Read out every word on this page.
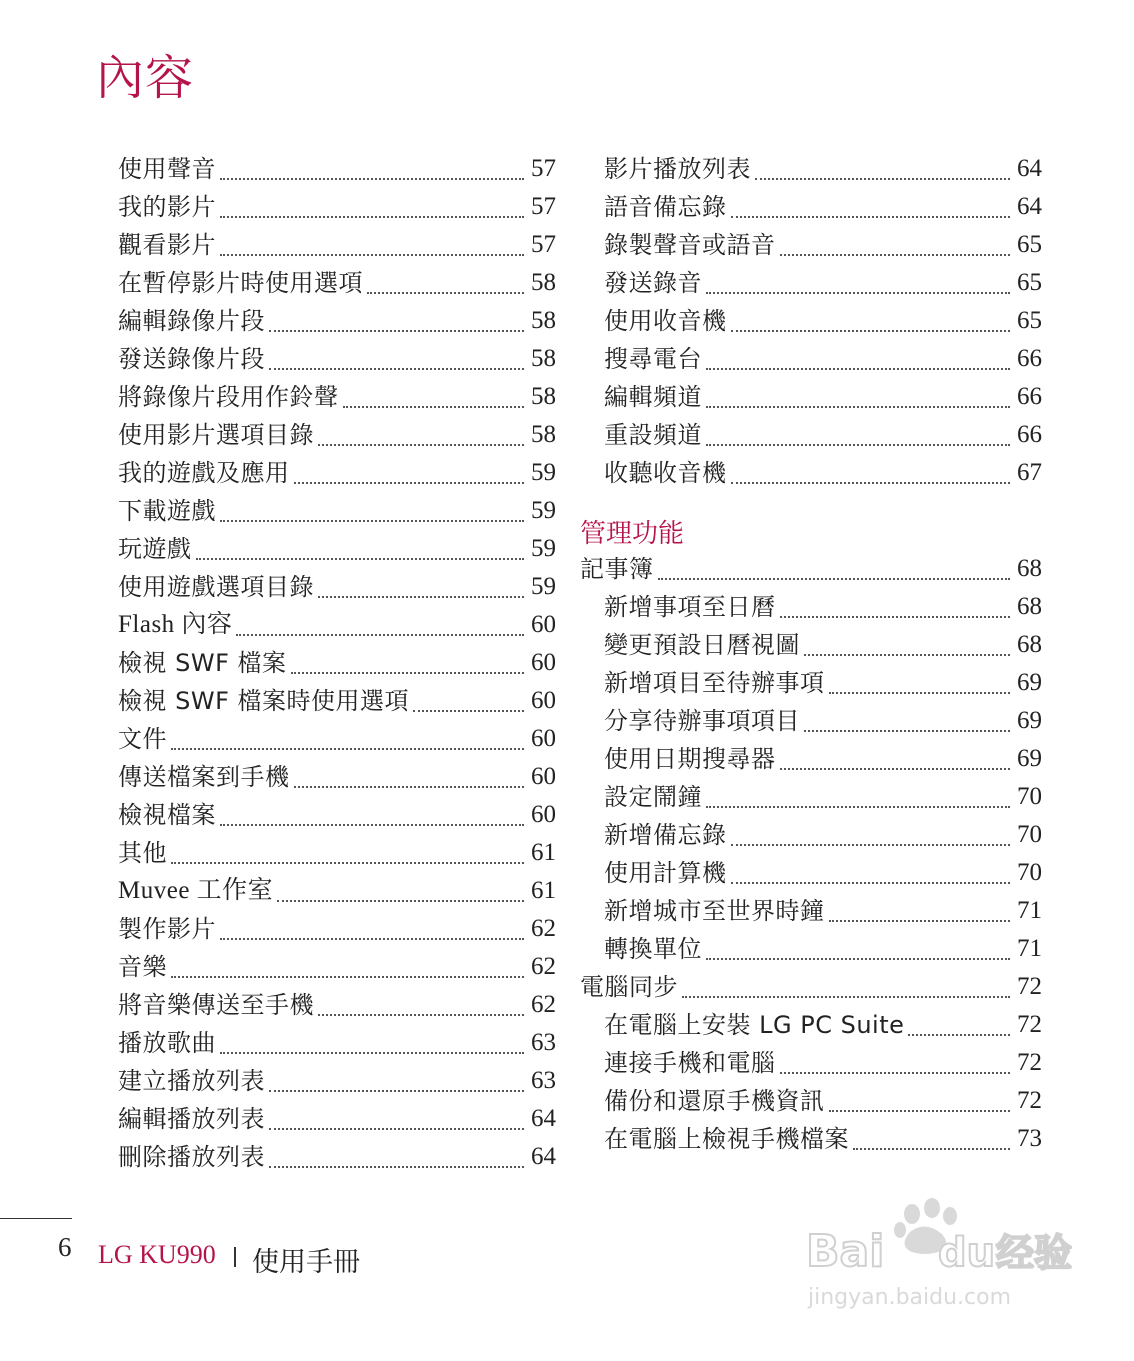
內容
使用聲音	57
我的影片	57
觀看影片	57
在暫停影片時使用選項	58
編輯錄像片段	58
發送錄像片段	58
將錄像片段用作鈴聲	58
使用影片選項目錄	58
我的遊戲及應用	59
下載遊戲	59
玩遊戲	59
使用遊戲選項目錄	59
Flash 內容	60
檢視 SWF 檔案	60
檢視 SWF 檔案時使用選項	60
文件	60
傳送檔案到手機	60
檢視檔案	60
其他	61
Muvee 工作室	61
製作影片	62
音樂	62
將音樂傳送至手機	62
播放歌曲	63
建立播放列表	63
編輯播放列表	64
刪除播放列表	64
影片播放列表	64
語音備忘錄	64
錄製聲音或語音	65
發送錄音	65
使用收音機	65
搜尋電台	66
編輯頻道	66
重設頻道	66
收聽收音機	67
管理功能
記事簿	68
新增事項至日曆	68
變更預設日曆視圖	68
新增項目至待辦事項	69
分享待辦事項項目	69
使用日期搜尋器	69
設定鬧鐘	70
新增備忘錄	70
使用計算機	70
新增城市至世界時鐘	71
轉換單位	71
電腦同步	72
在電腦上安裝 LG PC Suite	72
連接手機和電腦	72
備份和還原手機資訊	72
在電腦上檢視手機檔案	73
6 LG KU990 使用手冊	Bai du 经验
jingyan.baidu.com
